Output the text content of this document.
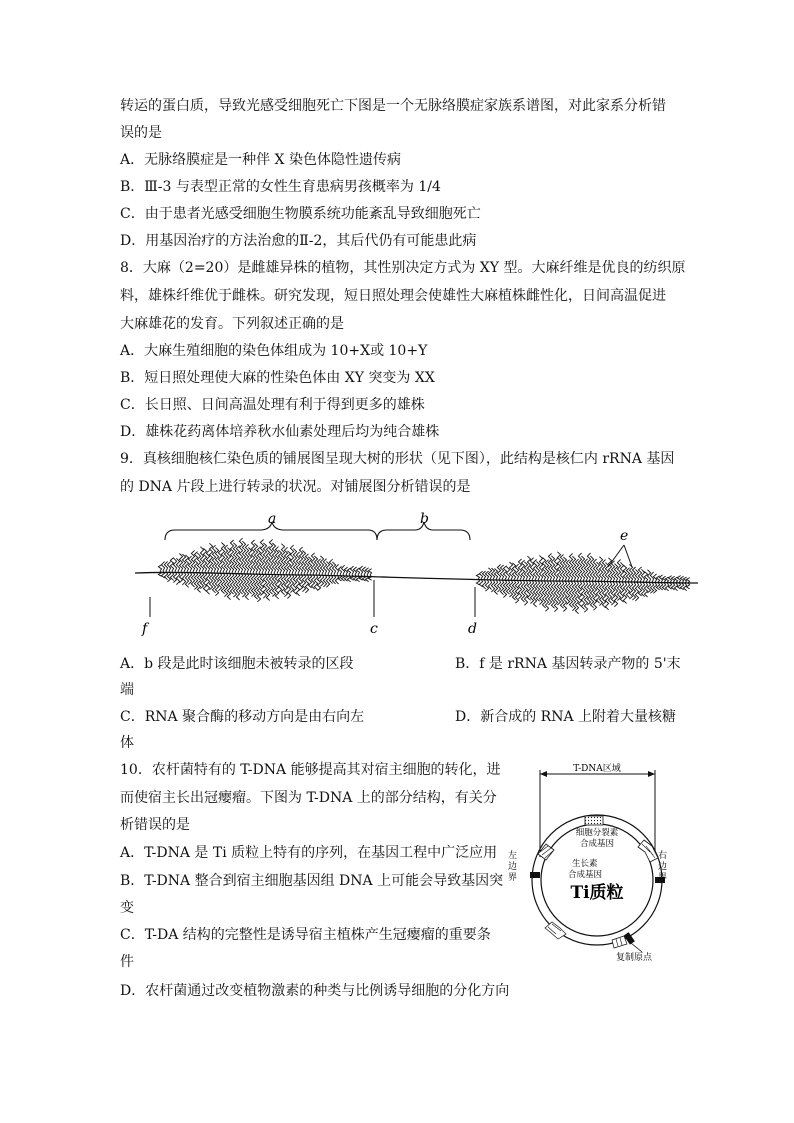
转运的蛋白质，导致光感受细胞死亡下图是一个无脉络膜症家族系谱图，对此家系分析错
误的是
A．无脉络膜症是一种伴 X 染色体隐性遗传病
B．Ⅲ-3 与表型正常的女性生育患病男孩概率为 1/4
C．由于患者光感受细胞生物膜系统功能紊乱导致细胞死亡
D．用基因治疗的方法治愈的Ⅱ-2，其后代仍有可能患此病
8．大麻（2=20）是雌雄异株的植物，其性别决定方式为 XY 型。大麻纤维是优良的纺织原
料，雄株纤维优于雌株。研究发现，短日照处理会使雄性大麻植株雌性化，日间高温促进
大麻雄花的发育。下列叙述正确的是
A．大麻生殖细胞的染色体组成为 10+X或 10+Y
B．短日照处理使大麻的性染色体由 XY 突变为 XX
C．长日照、日间高温处理有利于得到更多的雄株
D．雄株花药离体培养秋水仙素处理后均为纯合雄株
9．真核细胞核仁染色质的铺展图呈现大树的形状（见下图），此结构是核仁内 rRNA 基因
的 DNA 片段上进行转录的状况。对铺展图分析错误的是
a	b
e
f	c	d
A．b 段是此时该细胞未被转录的区段	B．f 是 rRNA 基因转录产物的 5'末
端
C．RNA 聚合酶的移动方向是由右向左	D．新合成的 RNA 上附着大量核糖
体
10．农杆菌特有的 T-DNA 能够提高其对宿主细胞的转化，进
而使宿主长出冠瘿瘤。下图为 T-DNA 上的部分结构，有关分
析错误的是
A．T-DNA 是 Ti 质粒上特有的序列，在基因工程中广泛应用
B．T-DNA 整合到宿主细胞基因组 DNA 上可能会导致基因突
变
C．T-DA 结构的完整性是诱导宿主植株产生冠瘿瘤的重要条
件
D．农杆菌通过改变植物激素的种类与比例诱导细胞的分化方向
T-DNA区域
细胞分裂素
合成基因
生长素
合成基因
复制原点
Ti质粒
左
边
界
右
边
界
